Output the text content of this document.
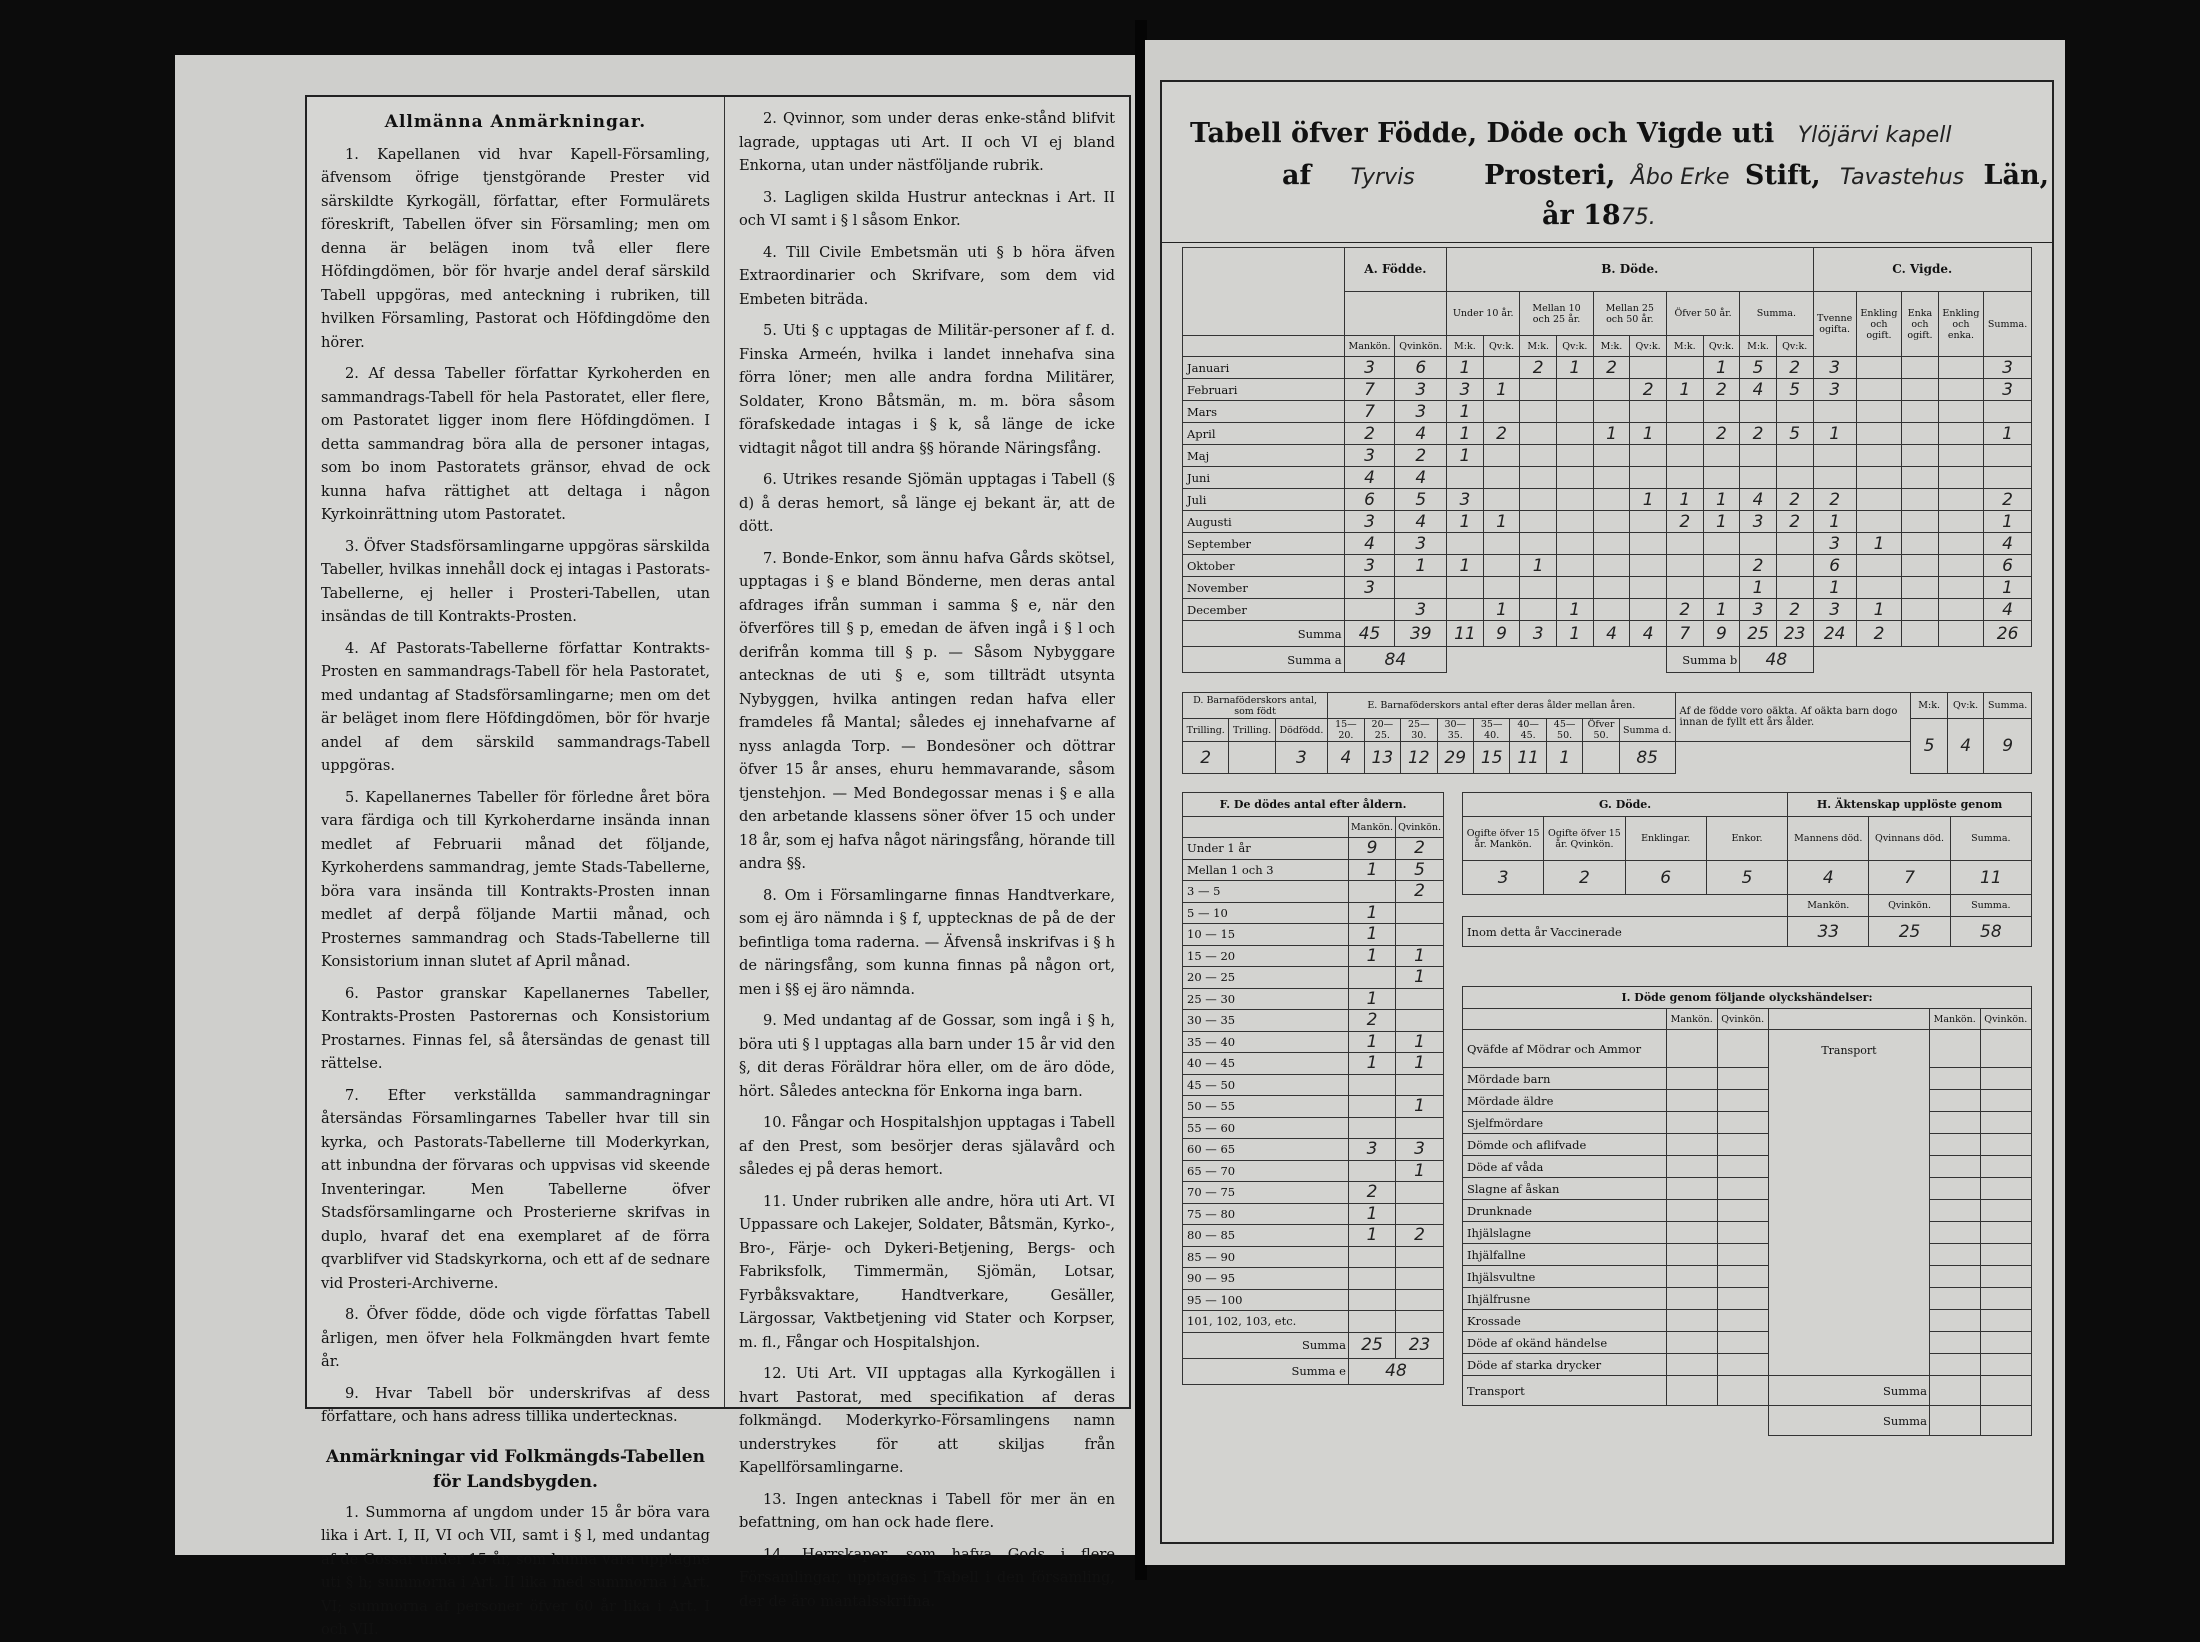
Allmänna Anmärkningar.

1. Kapellanen vid hvar Kapell-Församling, äfvensom öfrige tjenstgörande Prester vid särskildte Kyrkogäll, författar, efter Formulärets föreskrift, Tabellen öfver sin Församling; men om denna är belägen inom två eller flere Höfdingdömen, bör för hvarje andel deraf särskild Tabell uppgöras, med anteckning i rubriken, till hvilken Församling, Pastorat och Höfdingdöme den hörer.

2. Af dessa Tabeller författar Kyrkoherden en sammandrags-Tabell för hela Pastoratet, eller flere, om Pastoratet ligger inom flere Höfdingdömen. I detta sammandrag böra alla de personer intagas, som bo inom Pastoratets gränsor, ehvad de ock kunna hafva rättighet att deltaga i någon Kyrkoinrättning utom Pastoratet.

3. Öfver Stadsförsamlingarne uppgöras särskilda Tabeller, hvilkas innehåll dock ej intagas i Pastorats-Tabellerne, ej heller i Prosteri-Tabellen, utan insändas de till Kontrakts-Prosten.

4. Af Pastorats-Tabellerne författar Kontrakts-Prosten en sammandrags-Tabell för hela Pastoratet, med undantag af Stadsförsamlingarne; men om det är beläget inom flere Höfdingdömen, bör för hvarje andel af dem särskild sammandrags-Tabell uppgöras.

5. Kapellanernes Tabeller för förledne året böra vara färdiga och till Kyrkoherdarne insända innan medlet af Februarii månad det följande, Kyrkoherdens sammandrag, jemte Stads-Tabellerne, böra vara insända till Kontrakts-Prosten innan medlet af derpå följande Martii månad, och Prosternes sammandrag och Stads-Tabellerne till Konsistorium innan slutet af April månad.

6. Pastor granskar Kapellanernes Tabeller, Kontrakts-Prosten Pastorernas och Konsistorium Prostarnes. Finnas fel, så återsändas de genast till rättelse.

7. Efter verkställda sammandragningar återsändas Församlingarnes Tabeller hvar till sin kyrka, och Pastorats-Tabellerne till Moderkyrkan, att inbundna der förvaras och uppvisas vid skeende Inventeringar. Men Tabellerne öfver Stadsförsamlingarne och Prosterierne skrifvas in duplo, hvaraf det ena exemplaret af de förra qvarblifver vid Stadskyrkorna, och ett af de sednare vid Prosteri-Archiverne.

8. Öfver födde, döde och vigde författas Tabell årligen, men öfver hela Folkmängden hvart femte år.

9. Hvar Tabell bör underskrifvas af dess författare, och hans adress tillika undertecknas.

Anmärkningar vid Folkmängds-Tabellen för Landsbygden.

1. Summorna af ungdom under 15 år böra vara lika i Art. I, II, VI och VII, samt i § l, med undantag af de Gossar under 15 år, som kunna vara upptagne uti § h; summorna i Art. II lika med summorna i Art. VI; summorna af personer öfver 60 år lika i Art. I och VII.

2. Qvinnor, som under deras enke-stånd blifvit lagrade, upptagas uti Art. II och VI ej bland Enkorna, utan under nästföljande rubrik.

3. Lagligen skilda Hustrur antecknas i Art. II och VI samt i § l såsom Enkor.

4. Till Civile Embetsmän uti § b höra äfven Extraordinarier och Skrifvare, som dem vid Embeten biträda.

5. Uti § c upptagas de Militär-personer af f. d. Finska Armeén, hvilka i landet innehafva sina förra löner; men alle andra fordna Militärer, Soldater, Krono Båtsmän, m. m. böra såsom förafskedade intagas i § k, så länge de icke vidtagit något till andra §§ hörande Näringsfång.

6. Utrikes resande Sjömän upptagas i Tabell (§ d) å deras hemort, så länge ej bekant är, att de dött.

7. Bonde-Enkor, som ännu hafva Gårds skötsel, upptagas i § e bland Bönderne, men deras antal afdrages ifrån summan i samma § e, när den öfverföres till § p, emedan de äfven ingå i § l och derifrån komma till § p. — Såsom Nybyggare antecknas de uti § e, som tillträdt utsynta Nybyggen, hvilka antingen redan hafva eller framdeles få Mantal; således ej innehafvarne af nyss anlagda Torp. — Bondesöner och döttrar öfver 15 år anses, ehuru hemmavarande, såsom tjenstehjon. — Med Bondegossar menas i § e alla den arbetande klassens söner öfver 15 och under 18 år, som ej hafva något näringsfång, hörande till andra §§.

8. Om i Församlingarne finnas Handtverkare, som ej äro nämnda i § f, upptecknas de på de der befintliga toma raderna. — Äfvenså inskrifvas i § h de näringsfång, som kunna finnas på någon ort, men i §§ ej äro nämnda.

9. Med undantag af de Gossar, som ingå i § h, böra uti § l upptagas alla barn under 15 år vid den §, dit deras Föräldrar höra eller, om de äro döde, hört. Således anteckna för Enkorna inga barn.

10. Fångar och Hospitalshjon upptagas i Tabell af den Prest, som besörjer deras själavård och således ej på deras hemort.

11. Under rubriken alle andre, höra uti Art. VI Uppassare och Lakejer, Soldater, Båtsmän, Kyrko-, Bro-, Färje- och Dykeri-Betjening, Bergs- och Fabriksfolk, Timmermän, Sjömän, Lotsar, Fyrbåksvaktare, Handtverkare, Gesäller, Lärgossar, Vaktbetjening vid Stater och Korpser, m. fl., Fångar och Hospitalshjon.

12. Uti Art. VII upptagas alla Kyrkogällen i hvart Pastorat, med specifikation af deras folkmängd. Moderkyrko-Församlingens namn understrykes för att skiljas från Kapellförsamlingarne.

13. Ingen antecknas i Tabell för mer än en befattning, om han ock hade flere.

14. Herrskaper, som hafva Gods i flere Församlingar, upptagas i Tabell i den församling, der de äro mantalsskrifna.

Tabell öfver Födde, Döde och Vigde uti Ylöjärvi kapell
af Tyrvis	Prosteri, Åbo Erke Stift, Tavastehus Län,
år 1875.
	A. Födde.		B. Döde.										C. Vigde.				
			Under 10 år.		Mellan 10 och 25 år.		Mellan 25 och 50 år.		Öfver 50 år.		Summa.		Tvenne ogifta.	Enkling och ogift.	Enka och ogift.	Enkling och enka.	Summa.
	Mankön.	Qvinkön.	M:k.	Qv:k.	M:k.	Qv:k.	M:k.	Qv:k.	M:k.	Qv:k.	M:k.	Qv:k.					
Januari	3	6	1		2	1	2			1	5	2	3				3
Februari	7	3	3	1				2	1	2	4	5	3				3
Mars	7	3	1														
April	2	4	1	2			1	1		2	2	5	1				1
Maj	3	2	1														
Juni	4	4															
Juli	6	5	3					1	1	1	4	2	2				2
Augusti	3	4	1	1					2	1	3	2	1				1
September	4	3											3	1			4
Oktober	3	1	1		1						2		6				6
November	3										1		1				1
December		3		1		1			2	1	3	2	3	1			4
Summa	45	39	11	9	3	1	4	4	7	9	25	23	24	2			26
Summa a	84								Summa b		48						
D. Barnaföderskors antal, som födt			E. Barnaföderskors antal efter deras ålder mellan åren.									Af de födde voro oäkta. Af oäkta barn dogo innan de fyllt ett års ålder.	M:k.	Qv:k.	Summa.
Trilling.	Trilling.	Dödfödd.	15—20.	20—25.	25—30.	30—35.	35—40.	40—45.	45—50.	Öfver 50.	Summa d.		5	4	9
2		3	4	13	12	29	15	11	1		85				
F. De dödes antal efter åldern.		
	Mankön.	Qvinkön.
Under 1 år	9	2
Mellan 1 och 3	1	5
3 — 5		2
5 — 10	1	
10 — 15	1	
15 — 20	1	1
20 — 25		1
25 — 30	1	
30 — 35	2	
35 — 40	1	1
40 — 45	1	1
45 — 50		
50 — 55		1
55 — 60		
60 — 65	3	3
65 — 70		1
70 — 75	2	
75 — 80	1	
80 — 85	1	2
85 — 90		
90 — 95		
95 — 100		
101, 102, 103, etc.		
Summa	25	23
Summa e	48	
G. Döde.				H. Äktenskap upplöste genom		
Ogifte öfver 15 år. Mankön.	Ogifte öfver 15 år. Qvinkön.	Enklingar.	Enkor.	Mannens död.	Qvinnans död.	Summa.
3	2	6	5	4	7	11
				Mankön.	Qvinkön.	Summa.
Inom detta år Vaccinerade				33	25	58
I. Döde genom följande olyckshändelser:					
	Mankön.	Qvinkön.		Mankön.	Qvinkön.
Qväfde af Mödrar och Ammor			Transport		
Mördade barn					
Mördade äldre					
Sjelfmördare					
Dömde och aflifvade					
Döde af våda					
Slagne af åskan					
Drunknade					
Ihjälslagne					
Ihjälfallne					
Ihjälsvultne					
Ihjälfrusne					
Krossade					
Döde af okänd händelse					
Döde af starka drycker					
Transport			Summa		
			Summa		
